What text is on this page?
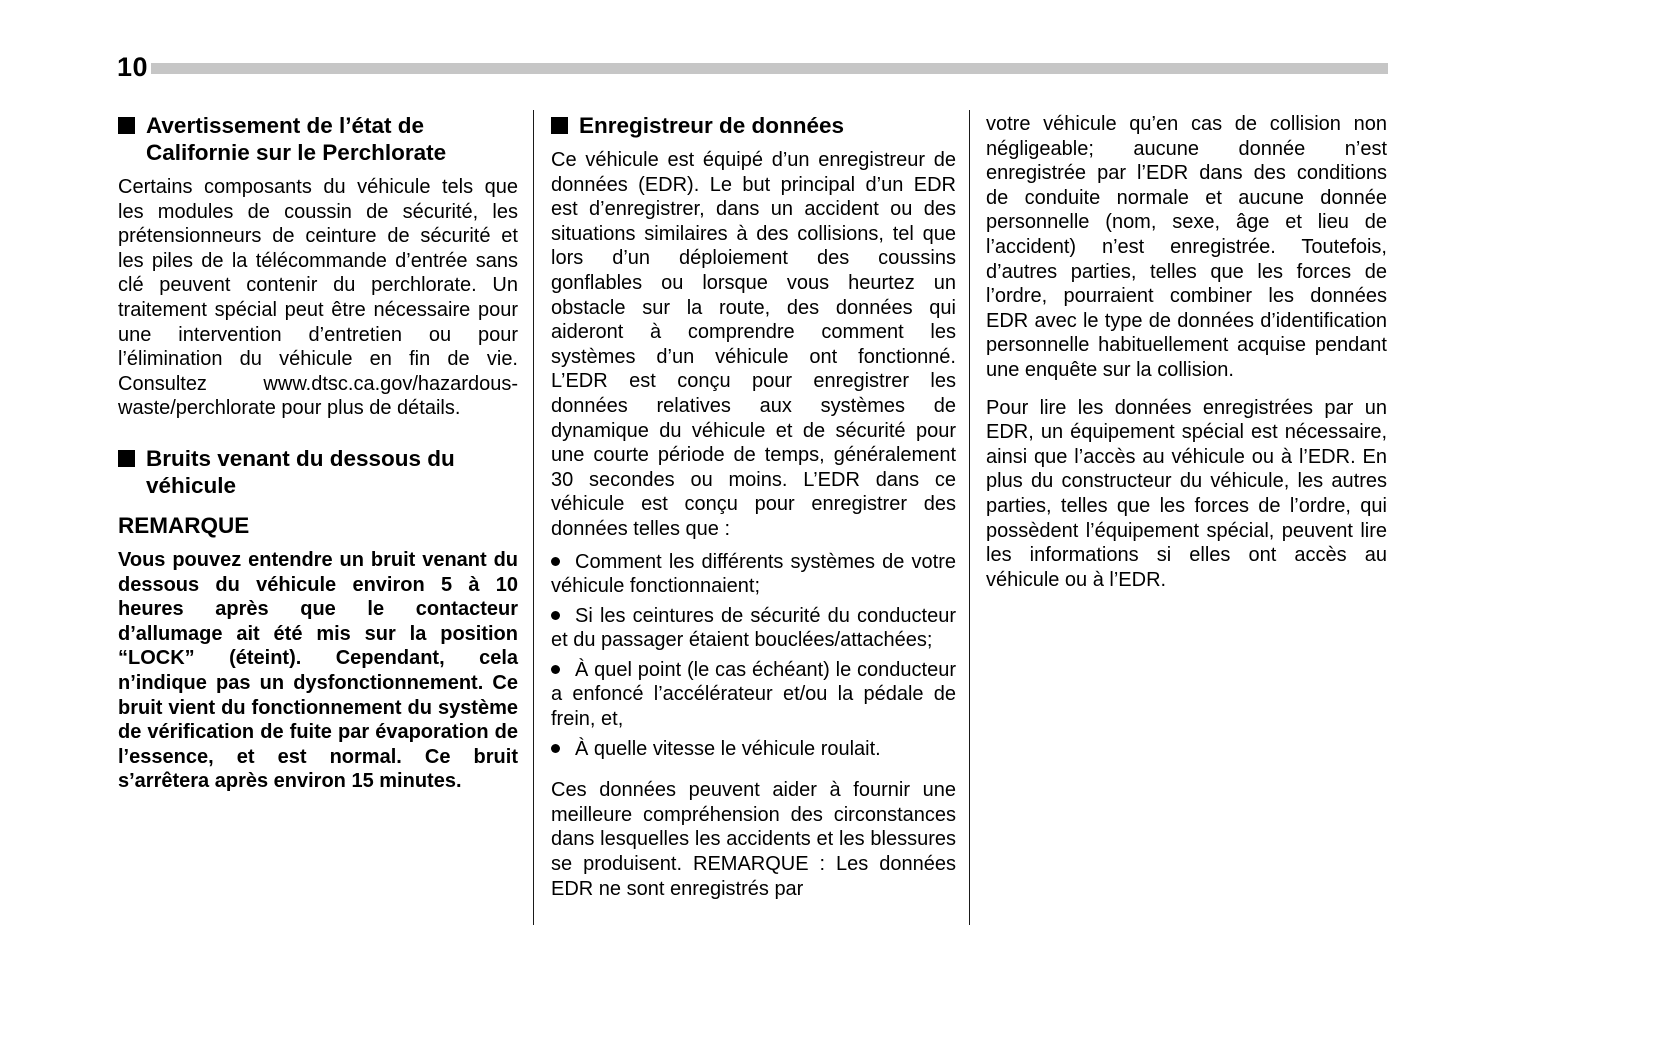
10
Avertissement de l’état de Californie sur le Perchlorate

Certains composants du véhicule tels que les modules de coussin de sécurité, les prétensionneurs de ceinture de sécurité et les piles de la télécommande d’entrée sans clé peuvent contenir du perchlorate. Un traitement spécial peut être nécessaire pour une intervention d’entretien ou pour l’élimination du véhicule en fin de vie. Consultez www.dtsc.ca.gov/hazardous-waste/perchlorate pour plus de détails.

Bruits venant du dessous du véhicule
REMARQUE

Vous pouvez entendre un bruit venant du dessous du véhicule environ 5 à 10 heures après que le contacteur d’allumage ait été mis sur la position “LOCK” (éteint). Cependant, cela n’indique pas un dysfonctionnement. Ce bruit vient du fonctionnement du système de vérification de fuite par évaporation de l’essence, et est normal. Ce bruit s’arrêtera après environ 15 minutes.

Enregistreur de données

Ce véhicule est équipé d’un enregistreur de données (EDR). Le but principal d’un EDR est d’enregistrer, dans un accident ou des situations similaires à des collisions, tel que lors d’un déploiement des coussins gonflables ou lorsque vous heurtez un obstacle sur la route, des données qui aideront à comprendre comment les systèmes d’un véhicule ont fonctionné. L’EDR est conçu pour enregistrer les données relatives aux systèmes de dynamique du véhicule et de sécurité pour une courte période de temps, généralement 30 secondes ou moins. L’EDR dans ce véhicule est conçu pour enregistrer des données telles que :

Comment les différents systèmes de votre véhicule fonctionnaient;

Si les ceintures de sécurité du conducteur et du passager étaient bouclées/attachées;

À quel point (le cas échéant) le conducteur a enfoncé l’accélérateur et/ou la pédale de frein, et,

À quelle vitesse le véhicule roulait.

Ces données peuvent aider à fournir une meilleure compréhension des circonstances dans lesquelles les accidents et les blessures se produisent. REMARQUE : Les données EDR ne sont enregistrés par

votre véhicule qu’en cas de collision non négligeable; aucune donnée n’est enregistrée par l’EDR dans des conditions de conduite normale et aucune donnée personnelle (nom, sexe, âge et lieu de l’accident) n’est enregistrée. Toutefois, d’autres parties, telles que les forces de l’ordre, pourraient combiner les données EDR avec le type de données d’identification personnelle habituellement acquise pendant une enquête sur la collision.

Pour lire les données enregistrées par un EDR, un équipement spécial est nécessaire, ainsi que l’accès au véhicule ou à l’EDR. En plus du constructeur du véhicule, les autres parties, telles que les forces de l’ordre, qui possèdent l’équipement spécial, peuvent lire les informations si elles ont accès au véhicule ou à l’EDR.
